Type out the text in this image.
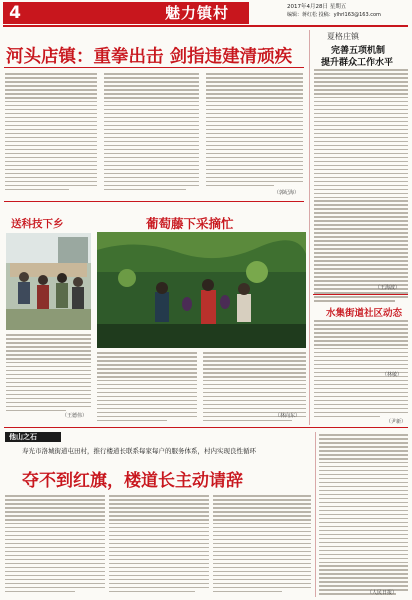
4	魅力镇村	2017年4月28日 星期五
编辑：蒋红松 投稿：ylhrl163@163.com
河头店镇：重拳出击 剑指违建清顽疾
（郭纪海）
夏格庄镇
完善五项机制
提升群众工作水平
（王海波）
水集街道社区动态
（林敏）
（尹新）
送科技下乡
（王德伟）
葡萄藤下采摘忙
（林向东）
他山之石
寿光市洛城街道屯田村，推行楼道长联系每家每户的服务体系，村内实现良性循环
夺不到红旗，楼道长主动请辞
（人民日报）
